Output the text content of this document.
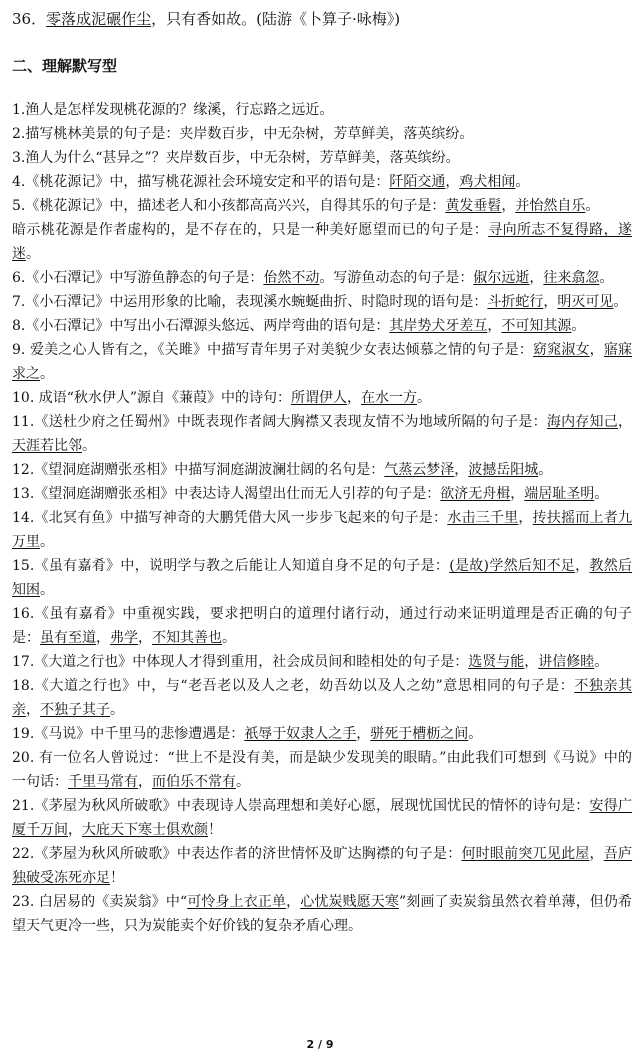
36．零落成泥碾作尘，只有香如故。(陆游《卜算子·咏梅》)
二、理解默写型
1.渔人是怎样发现桃花源的？缘溪，行忘路之远近。
2.描写桃林美景的句子是：夹岸数百步，中无杂树，芳草鲜美，落英缤纷。
3.渔人为什么“甚异之”？夹岸数百步，中无杂树，芳草鲜美，落英缤纷。
4.《桃花源记》中，描写桃花源社会环境安定和平的语句是：阡陌交通，鸡犬相闻。
5.《桃花源记》中，描述老人和小孩都高高兴兴，自得其乐的句子是：黄发垂髫，并怡然自乐。
暗示桃花源是作者虚构的，是不存在的，只是一种美好愿望而已的句子是：寻向所志不复得路，遂迷。
6.《小石潭记》中写游鱼静态的句子是：佁然不动。写游鱼动态的句子是：俶尔远逝，往来翕忽。
7.《小石潭记》中运用形象的比喻，表现溪水蜿蜒曲折、时隐时现的语句是：斗折蛇行，明灭可见。
8.《小石潭记》中写出小石潭源头悠远、两岸弯曲的语句是：其岸势犬牙差互，不可知其源。
9. 爱美之心人皆有之，《关雎》中描写青年男子对美貌少女表达倾慕之情的句子是：窈窕淑女，寤寐求之。
10. 成语“秋水伊人”源自《蒹葭》中的诗句：所谓伊人，在水一方。
11.《送杜少府之任蜀州》中既表现作者阔大胸襟又表现友情不为地域所隔的句子是：海内存知己，天涯若比邻。
12.《望洞庭湖赠张丞相》中描写洞庭湖波澜壮阔的名句是：气蒸云梦泽，波撼岳阳城。
13.《望洞庭湖赠张丞相》中表达诗人渴望出仕而无人引荐的句子是：欲济无舟楫，端居耻圣明。
14.《北冥有鱼》中描写神奇的大鹏凭借大风一步步飞起来的句子是：水击三千里，抟扶摇而上者九万里。
15.《虽有嘉肴》中，说明学与教之后能让人知道自身不足的句子是：(是故)学然后知不足，教然后知困。
16.《虽有嘉肴》中重视实践，要求把明白的道理付诸行动，通过行动来证明道理是否正确的句子是：虽有至道，弗学，不知其善也。
17.《大道之行也》中体现人才得到重用，社会成员间和睦相处的句子是：选贤与能，讲信修睦。
18.《大道之行也》中，与“老吾老以及人之老，幼吾幼以及人之幼”意思相同的句子是：不独亲其亲，不独子其子。
19.《马说》中千里马的悲惨遭遇是：祇辱于奴隶人之手，骈死于槽枥之间。
20. 有一位名人曾说过：“世上不是没有美，而是缺少发现美的眼睛。”由此我们可想到《马说》中的一句话：千里马常有，而伯乐不常有。
21.《茅屋为秋风所破歌》中表现诗人崇高理想和美好心愿，展现忧国忧民的情怀的诗句是：安得广厦千万间，大庇天下寒士俱欢颜！
22.《茅屋为秋风所破歌》中表达作者的济世情怀及旷达胸襟的句子是：何时眼前突兀见此屋，吾庐独破受冻死亦足！
23. 白居易的《卖炭翁》中“可怜身上衣正单，心忧炭贱愿天寒”刻画了卖炭翁虽然衣着单薄，但仍希望天气更冷一些，只为炭能卖个好价钱的复杂矛盾心理。
2 / 9
